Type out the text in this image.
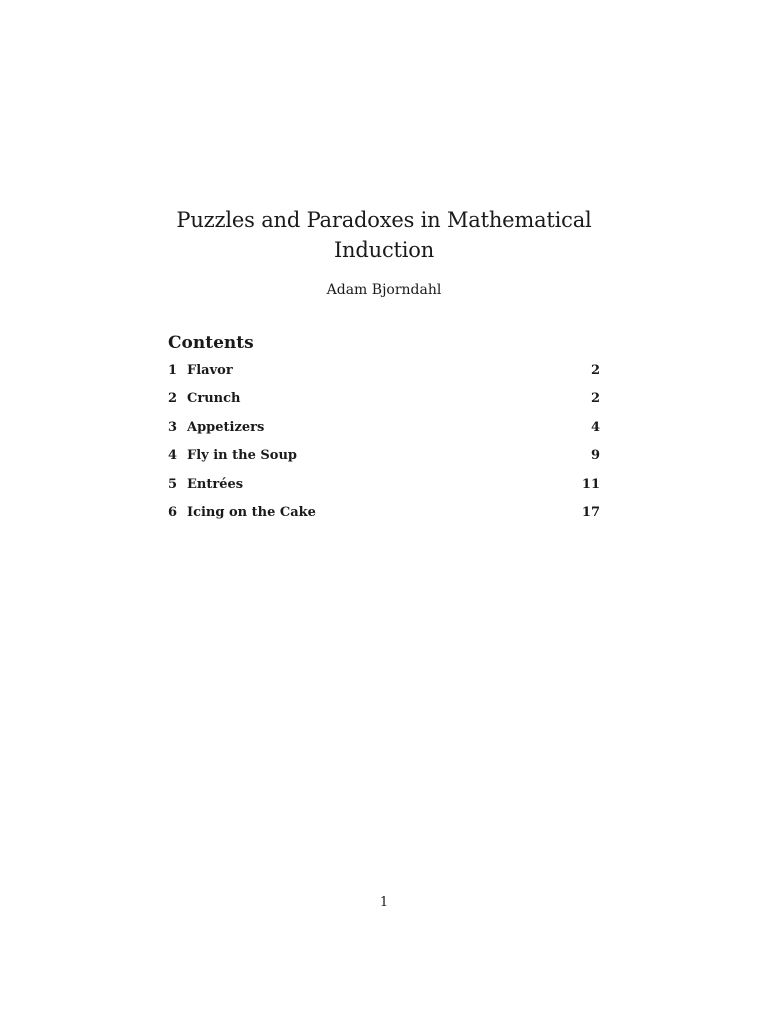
Puzzles and Paradoxes in Mathematical
Induction

Adam Bjorndahl

Contents
1 Flavor	2
2 Crunch	2
3 Appetizers	4
4 Fly in the Soup	9
5 Entrées	11
6 Icing on the Cake	17

1
